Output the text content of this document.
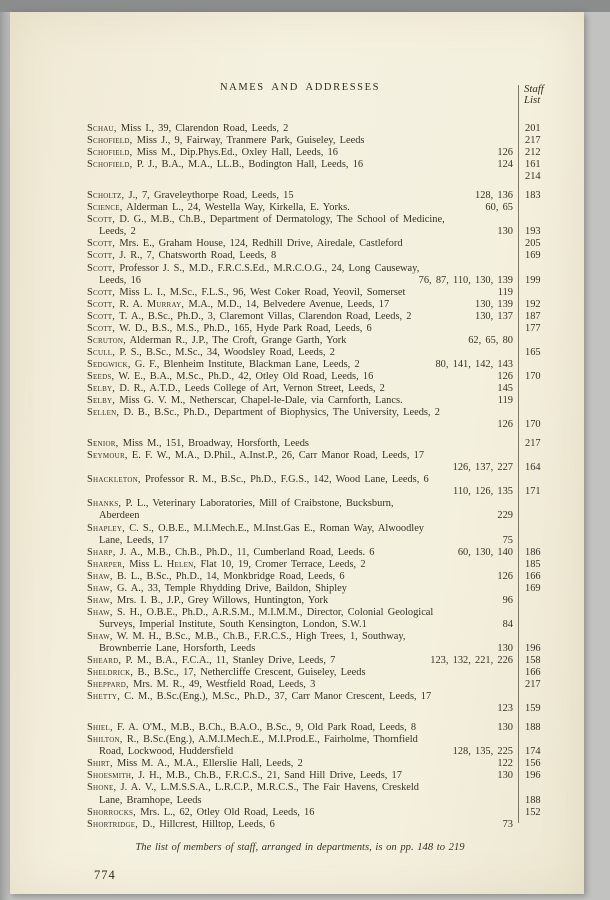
NAMES AND ADDRESSES	Staff
List
Schau, Miss I., 39, Clarendon Road, Leeds, 2	201
Schofield, Miss J., 9, Fairway, Tranmere Park, Guiseley, Leeds	217
Schofield, Miss M., Dip.Phys.Ed., Oxley Hall, Leeds, 16	126	212
Schofield, P. J., B.A., M.A., LL.B., Bodington Hall, Leeds, 16	124	161
214
Scholtz, J., 7, Graveleythorpe Road, Leeds, 15	128, 136	183
Science, Alderman L., 24, Westella Way, Kirkella, E. Yorks.	60, 65
Scott, D. G., M.B., Ch.B., Department of Dermatology, The School of Medicine,
Leeds, 2	130	193
Scott, Mrs. E., Graham House, 124, Redhill Drive, Airedale, Castleford	205
Scott, J. R., 7, Chatsworth Road, Leeds, 8	169
Scott, Professor J. S., M.D., F.R.C.S.Ed., M.R.C.O.G., 24, Long Causeway,
Leeds, 16	76, 87, 110, 130, 139	199
Scott, Miss L. I., M.Sc., F.L.S., 96, West Coker Road, Yeovil, Somerset	119
Scott, R. A. Murray, M.A., M.D., 14, Belvedere Avenue, Leeds, 17	130, 139	192
Scott, T. A., B.Sc., Ph.D., 3, Claremont Villas, Clarendon Road, Leeds, 2	130, 137	187
Scott, W. D., B.S., M.S., Ph.D., 165, Hyde Park Road, Leeds, 6	177
Scruton, Alderman R., J.P., The Croft, Grange Garth, York	62, 65, 80
Scull, P. S., B.Sc., M.Sc., 34, Woodsley Road, Leeds, 2	165
Sedgwick, G. F., Blenheim Institute, Blackman Lane, Leeds, 2	80, 141, 142, 143
Seeds, W. E., B.A., M.Sc., Ph.D., 42, Otley Old Road, Leeds, 16	126	170
Selby, D. R., A.T.D., Leeds College of Art, Vernon Street, Leeds, 2	145
Selby, Miss G. V. M., Netherscar, Chapel-le-Dale, via Carnforth, Lancs.	119
Sellen, D. B., B.Sc., Ph.D., Department of Biophysics, The University, Leeds, 2
126	170
Senior, Miss M., 151, Broadway, Horsforth, Leeds	217
Seymour, E. F. W., M.A., D.Phil., A.Inst.P., 26, Carr Manor Road, Leeds, 17
126, 137, 227	164
Shackleton, Professor R. M., B.Sc., Ph.D., F.G.S., 142, Wood Lane, Leeds, 6
110, 126, 135	171
Shanks, P. L., Veterinary Laboratories, Mill of Craibstone, Bucksburn,
Aberdeen	229
Shapley, C. S., O.B.E., M.I.Mech.E., M.Inst.Gas E., Roman Way, Alwoodley
Lane, Leeds, 17	75
Sharp, J. A., M.B., Ch.B., Ph.D., 11, Cumberland Road, Leeds. 6	60, 130, 140	186
Sharper, Miss L. Helen, Flat 10, 19, Cromer Terrace, Leeds, 2	185
Shaw, B. L., B.Sc., Ph.D., 14, Monkbridge Road, Leeds, 6	126	166
Shaw, G. A., 33, Temple Rhydding Drive, Baildon, Shipley	169
Shaw, Mrs. I. B., J.P., Grey Willows, Huntington, York	96
Shaw, S. H., O.B.E., Ph.D., A.R.S.M., M.I.M.M., Director, Colonial Geological
Surveys, Imperial Institute, South Kensington, London, S.W.1	84
Shaw, W. M. H., B.Sc., M.B., Ch.B., F.R.C.S., High Trees, 1, Southway,
Brownberrie Lane, Horsforth, Leeds	130	196
Sheard, P. M., B.A., F.C.A., 11, Stanley Drive, Leeds, 7	123, 132, 221, 226	158
Sheldrick, B., B.Sc., 17, Nethercliffe Crescent, Guiseley, Leeds	166
Sheppard, Mrs. M. R., 49, Westfield Road, Leeds, 3	217
Shetty, C. M., B.Sc.(Eng.), M.Sc., Ph.D., 37, Carr Manor Crescent, Leeds, 17
123	159
Shiel, F. A. O'M., M.B., B.Ch., B.A.O., B.Sc., 9, Old Park Road, Leeds, 8	130	188
Shilton, R., B.Sc.(Eng.), A.M.I.Mech.E., M.I.Prod.E., Fairholme, Thornfield
Road, Lockwood, Huddersfield	128, 135, 225	174
Shirt, Miss M. A., M.A., Ellerslie Hall, Leeds, 2	122	156
Shoesmith, J. H., M.B., Ch.B., F.R.C.S., 21, Sand Hill Drive, Leeds, 17	130	196
Shone, J. A. V., L.M.S.S.A., L.R.C.P., M.R.C.S., The Fair Havens, Creskeld
Lane, Bramhope, Leeds	188
Shorrocks, Mrs. L., 62, Otley Old Road, Leeds, 16	152
Shortridge, D., Hillcrest, Hilltop, Leeds, 6	73
The list of members of staff, arranged in departments, is on pp. 148 to 219
774
